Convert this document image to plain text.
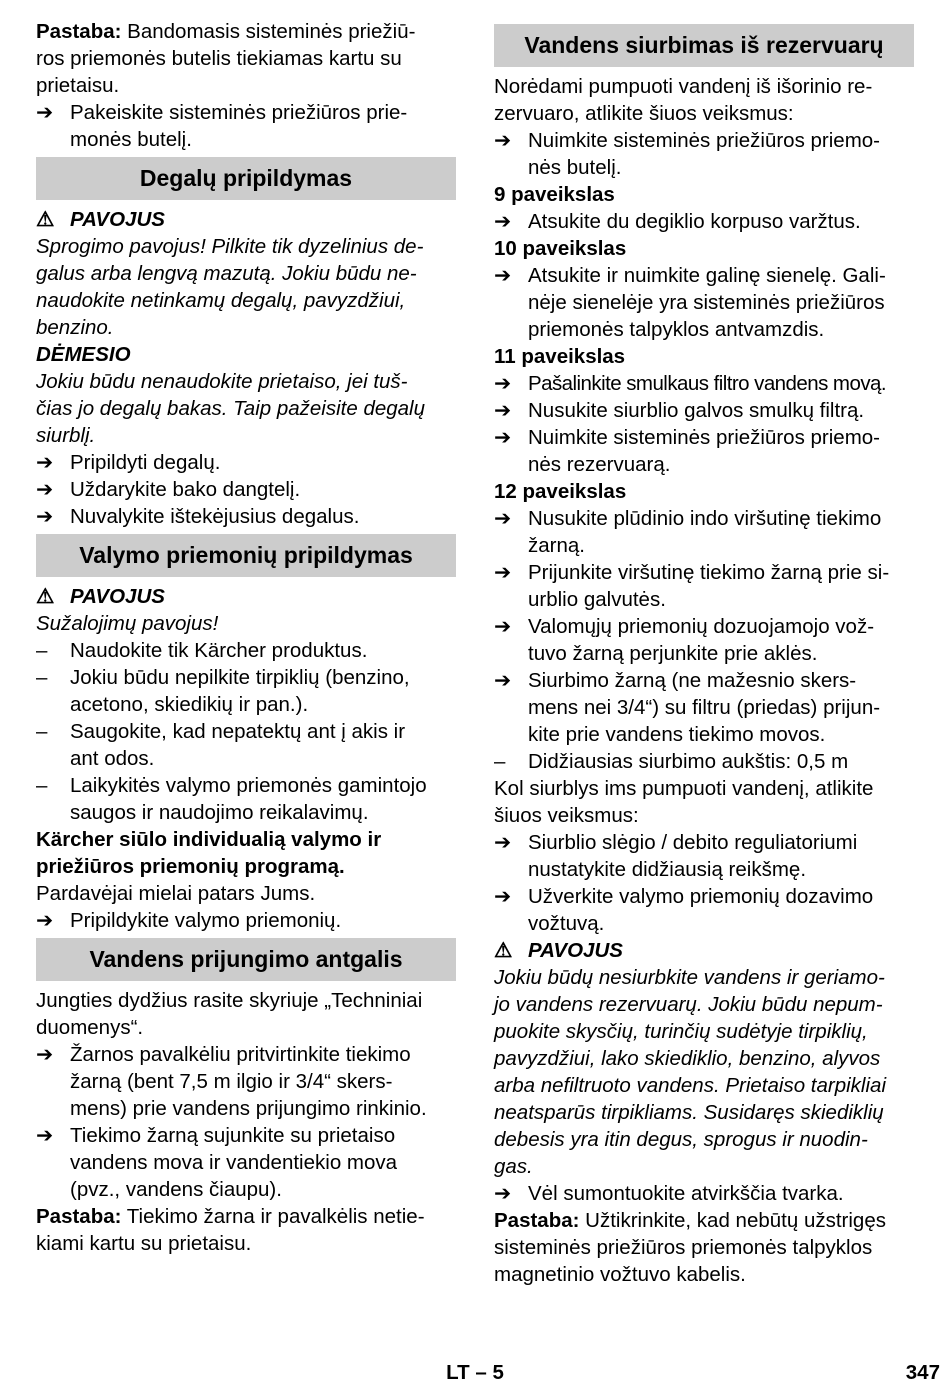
Pastaba: Bandomasis sisteminės priežiū-
ros priemonės butelis tiekiamas kartu su
prietaisu.
➔ Pakeiskite sisteminės priežiūros prie-
monės butelį.
Degalų pripildymas
⚠ PAVOJUS
Sprogimo pavojus! Pilkite tik dyzelinius de-
galus arba lengvą mazutą. Jokiu būdu ne-
naudokite netinkamų degalų, pavyzdžiui,
benzino.
DĖMESIO
Jokiu būdu nenaudokite prietaiso, jei tuš-
čias jo degalų bakas. Taip pažeisite degalų
siurblį.
➔ Pripildyti degalų.
➔ Uždarykite bako dangtelį.
➔ Nuvalykite ištekėjusius degalus.
Valymo priemonių pripildymas
⚠ PAVOJUS
Sužalojimų pavojus!
–	Naudokite tik Kärcher produktus.
–	Jokiu būdu nepilkite tirpiklių (benzino,
acetono, skiedikių ir pan.).
–	Saugokite, kad nepatektų ant į akis ir
ant odos.
–	Laikykitės valymo priemonės gamintojo
saugos ir naudojimo reikalavimų.
Kärcher siūlo individualią valymo ir
priežiūros priemonių programą.
Pardavėjai mielai patars Jums.
➔ Pripildykite valymo priemonių.
Vandens prijungimo antgalis
Jungties dydžius rasite skyriuje „Techniniai
duomenys“.
➔ Žarnos pavalkėliu pritvirtinkite tiekimo
žarną (bent 7,5 m ilgio ir 3/4“ skers-
mens) prie vandens prijungimo rinkinio.
➔ Tiekimo žarną sujunkite su prietaiso
vandens mova ir vandentiekio mova
(pvz., vandens čiaupu).
Pastaba: Tiekimo žarna ir pavalkėlis netie-
kiami kartu su prietaisu.
Vandens siurbimas iš rezervuarų
Norėdami pumpuoti vandenį iš išorinio re-
zervuaro, atlikite šiuos veiksmus:
➔ Nuimkite sisteminės priežiūros priemo-
nės butelį.
9 paveikslas
➔ Atsukite du degiklio korpuso varžtus.
10 paveikslas
➔ Atsukite ir nuimkite galinę sienelę. Gali-
nėje sienelėje yra sisteminės priežiūros
priemonės talpyklos antvamzdis.
11 paveikslas
➔ Pašalinkite smulkaus filtro vandens movą.
➔ Nusukite siurblio galvos smulkų filtrą.
➔ Nuimkite sisteminės priežiūros priemo-
nės rezervuarą.
12 paveikslas
➔ Nusukite plūdinio indo viršutinę tiekimo
žarną.
➔ Prijunkite viršutinę tiekimo žarną prie si-
urblio galvutės.
➔ Valomųjų priemonių dozuojamojo vož-
tuvo žarną perjunkite prie aklės.
➔ Siurbimo žarną (ne mažesnio skers-
mens nei 3/4“) su filtru (priedas) prijun-
kite prie vandens tiekimo movos.
–	Didžiausias siurbimo aukštis: 0,5 m
Kol siurblys ims pumpuoti vandenį, atlikite
šiuos veiksmus:
➔ Siurblio slėgio / debito reguliatoriumi
nustatykite didžiausią reikšmę.
➔ Užverkite valymo priemonių dozavimo
vožtuvą.
⚠ PAVOJUS
Jokiu būdų nesiurbkite vandens ir geriamo-
jo vandens rezervuarų. Jokiu būdu nepum-
puokite skysčių, turinčių sudėtyje tirpiklių,
pavyzdžiui, lako skiediklio, benzino, alyvos
arba nefiltruoto vandens. Prietaiso tarpikliai
neatsparūs tirpikliams. Susidaręs skiediklių
debesis yra itin degus, sprogus ir nuodin-
gas.
➔ Vėl sumontuokite atvirkščia tvarka.
Pastaba: Užtikrinkite, kad nebūtų užstrigęs
sisteminės priežiūros priemonės talpyklos
magnetinio vožtuvo kabelis.
LT – 5	347
